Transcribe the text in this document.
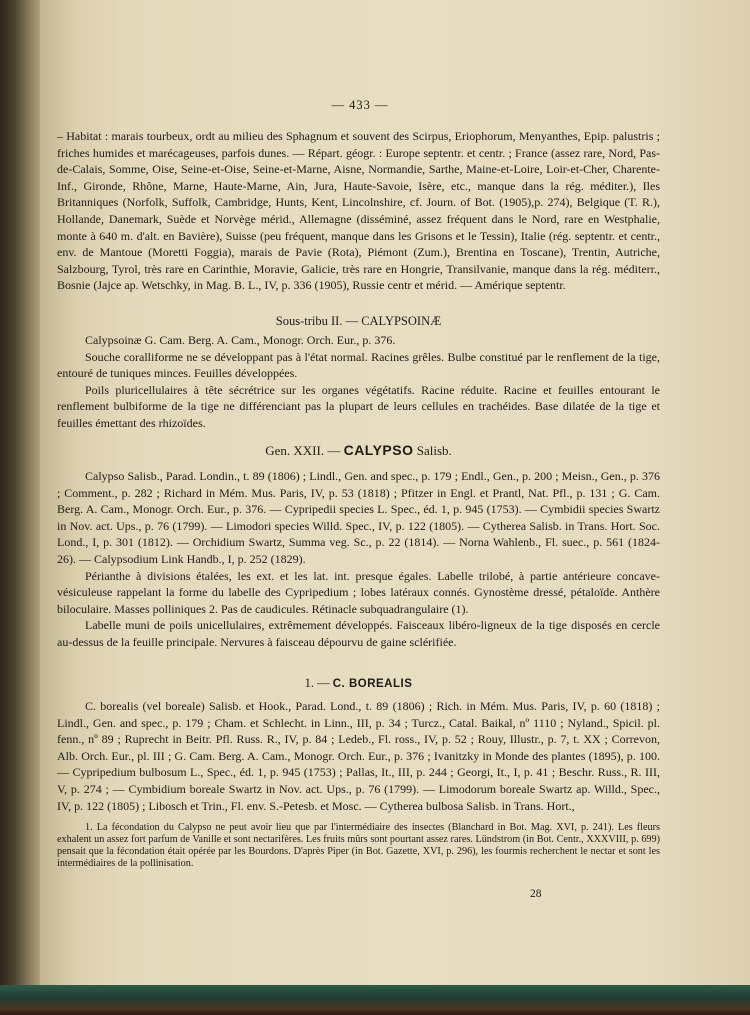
— 433 —

– Habitat : marais tourbeux, ordt au milieu des Sphagnum et souvent des Scirpus, Eriophorum, Menyanthes, Epip. palustris ; friches humides et marécageuses, parfois dunes. — Répart. géogr. : Europe septentr. et centr. ; France (assez rare, Nord, Pas-de-Calais, Somme, Oise, Seine-et-Oise, Seine-et-Marne, Aisne, Normandie, Sarthe, Maine-et-Loire, Loir-et-Cher, Charente-Inf., Gironde, Rhône, Marne, Haute-Marne, Ain, Jura, Haute-Savoie, Isère, etc., manque dans la rég. méditer.), Iles Britanniques (Norfolk, Suffolk, Cambridge, Hunts, Kent, Lincolnshire, cf. Journ. of Bot. (1905),p. 274), Belgique (T. R.), Hollande, Danemark, Suède et Norvège mérid., Allemagne (disséminé, assez fréquent dans le Nord, rare en Westphalie, monte à 640 m. d'alt. en Bavière), Suisse (peu fréquent, manque dans les Grisons et le Tessin), Italie (rég. septentr. et centr., env. de Mantoue (Moretti Foggia), marais de Pavie (Rota), Piémont (Zum.), Brentina en Toscane), Trentin, Autriche, Salzbourg, Tyrol, très rare en Carinthie, Moravie, Galicie, très rare en Hongrie, Transilvanie, manque dans la rég. méditerr., Bosnie (Jajce ap. Wetschky, in Mag. B. L., IV, p. 336 (1905), Russie centr et mérid. — Amérique septentr.

Sous-tribu II. — CALYPSOINÆ

Calypsoinæ G. Cam. Berg. A. Cam., Monogr. Orch. Eur., p. 376.

Souche coralliforme ne se développant pas à l'état normal. Racines grêles. Bulbe constitué par le renflement de la tige, entouré de tuniques minces. Feuilles développées.

Poils pluricellulaires à tête sécrétrice sur les organes végétatifs. Racine réduite. Racine et feuilles entourant le renflement bulbiforme de la tige ne différenciant pas la plupart de leurs cellules en trachéides. Base dilatée de la tige et feuilles émettant des rhizoïdes.

Gen. XXII. — CALYPSO Salisb.

Calypso Salisb., Parad. Londin., t. 89 (1806) ; Lindl., Gen. and spec., p. 179 ; Endl., Gen., p. 200 ; Meisn., Gen., p. 376 ; Comment., p. 282 ; Richard in Mém. Mus. Paris, IV, p. 53 (1818) ; Pfitzer in Engl. et Prantl, Nat. Pfl., p. 131 ; G. Cam. Berg. A. Cam., Monogr. Orch. Eur., p. 376. — Cypripedii species L. Spec., éd. 1, p. 945 (1753). — Cymbidii species Swartz in Nov. act. Ups., p. 76 (1799). — Limodori species Willd. Spec., IV, p. 122 (1805). — Cytherea Salisb. in Trans. Hort. Soc. Lond., I, p. 301 (1812). — Orchidium Swartz, Summa veg. Sc., p. 22 (1814). — Norna Wahlenb., Fl. suec., p. 561 (1824-26). — Calypsodium Link Handb., I, p. 252 (1829).

Périanthe à divisions étalées, les ext. et les lat. int. presque égales. Labelle trilobé, à partie antérieure concave-vésiculeuse rappelant la forme du labelle des Cypripedium ; lobes latéraux connés. Gynostème dressé, pétaloïde. Anthère biloculaire. Masses polliniques 2. Pas de caudicules. Rétinacle subquadrangulaire (1).

Labelle muni de poils unicellulaires, extrêmement développés. Faisceaux libéro-ligneux de la tige disposés en cercle au-dessus de la feuille principale. Nervures à faisceau dépourvu de gaine sclérifiée.

1. — C. BOREALIS

C. borealis (vel boreale) Salisb. et Hook., Parad. Lond., t. 89 (1806) ; Rich. in Mém. Mus. Paris, IV, p. 60 (1818) ; Lindl., Gen. and spec., p. 179 ; Cham. et Schlecht. in Linn., III, p. 34 ; Turcz., Catal. Baikal, nº 1110 ; Nyland., Spicil. pl. fenn., nº 89 ; Ruprecht in Beitr. Pfl. Russ. R., IV, p. 84 ; Ledeb., Fl. ross., IV, p. 52 ; Rouy, Illustr., p. 7, t. XX ; Correvon, Alb. Orch. Eur., pl. III ; G. Cam. Berg. A. Cam., Monogr. Orch. Eur., p. 376 ; Ivanitzky in Monde des plantes (1895), p. 100. — Cypripedium bulbosum L., Spec., éd. 1, p. 945 (1753) ; Pallas, It., III, p. 244 ; Georgi, It., I, p. 41 ; Beschr. Russ., R. III, V, p. 274 ; — Cymbidium boreale Swartz in Nov. act. Ups., p. 76 (1799). — Limodorum boreale Swartz ap. Willd., Spec., IV, p. 122 (1805) ; Libosch et Trin., Fl. env. S.-Petesb. et Mosc. — Cytherea bulbosa Salisb. in Trans. Hort.,

1. La fécondation du Calypso ne peut avoir lieu que par l'intermédiaire des insectes (Blanchard in Bot. Mag. XVI, p. 241). Les fleurs exhalent un assez fort parfum de Vanille et sont nectarifères. Les fruits mûrs sont pourtant assez rares. Lündstrom (in Bot. Centr., XXXVIII, p. 699) pensait que la fécondation était opérée par les Bourdons. D'après Piper (in Bot. Gazette, XVI, p. 296), les fourmis recherchent le nectar et sont les intermédiaires de la pollinisation.

28
